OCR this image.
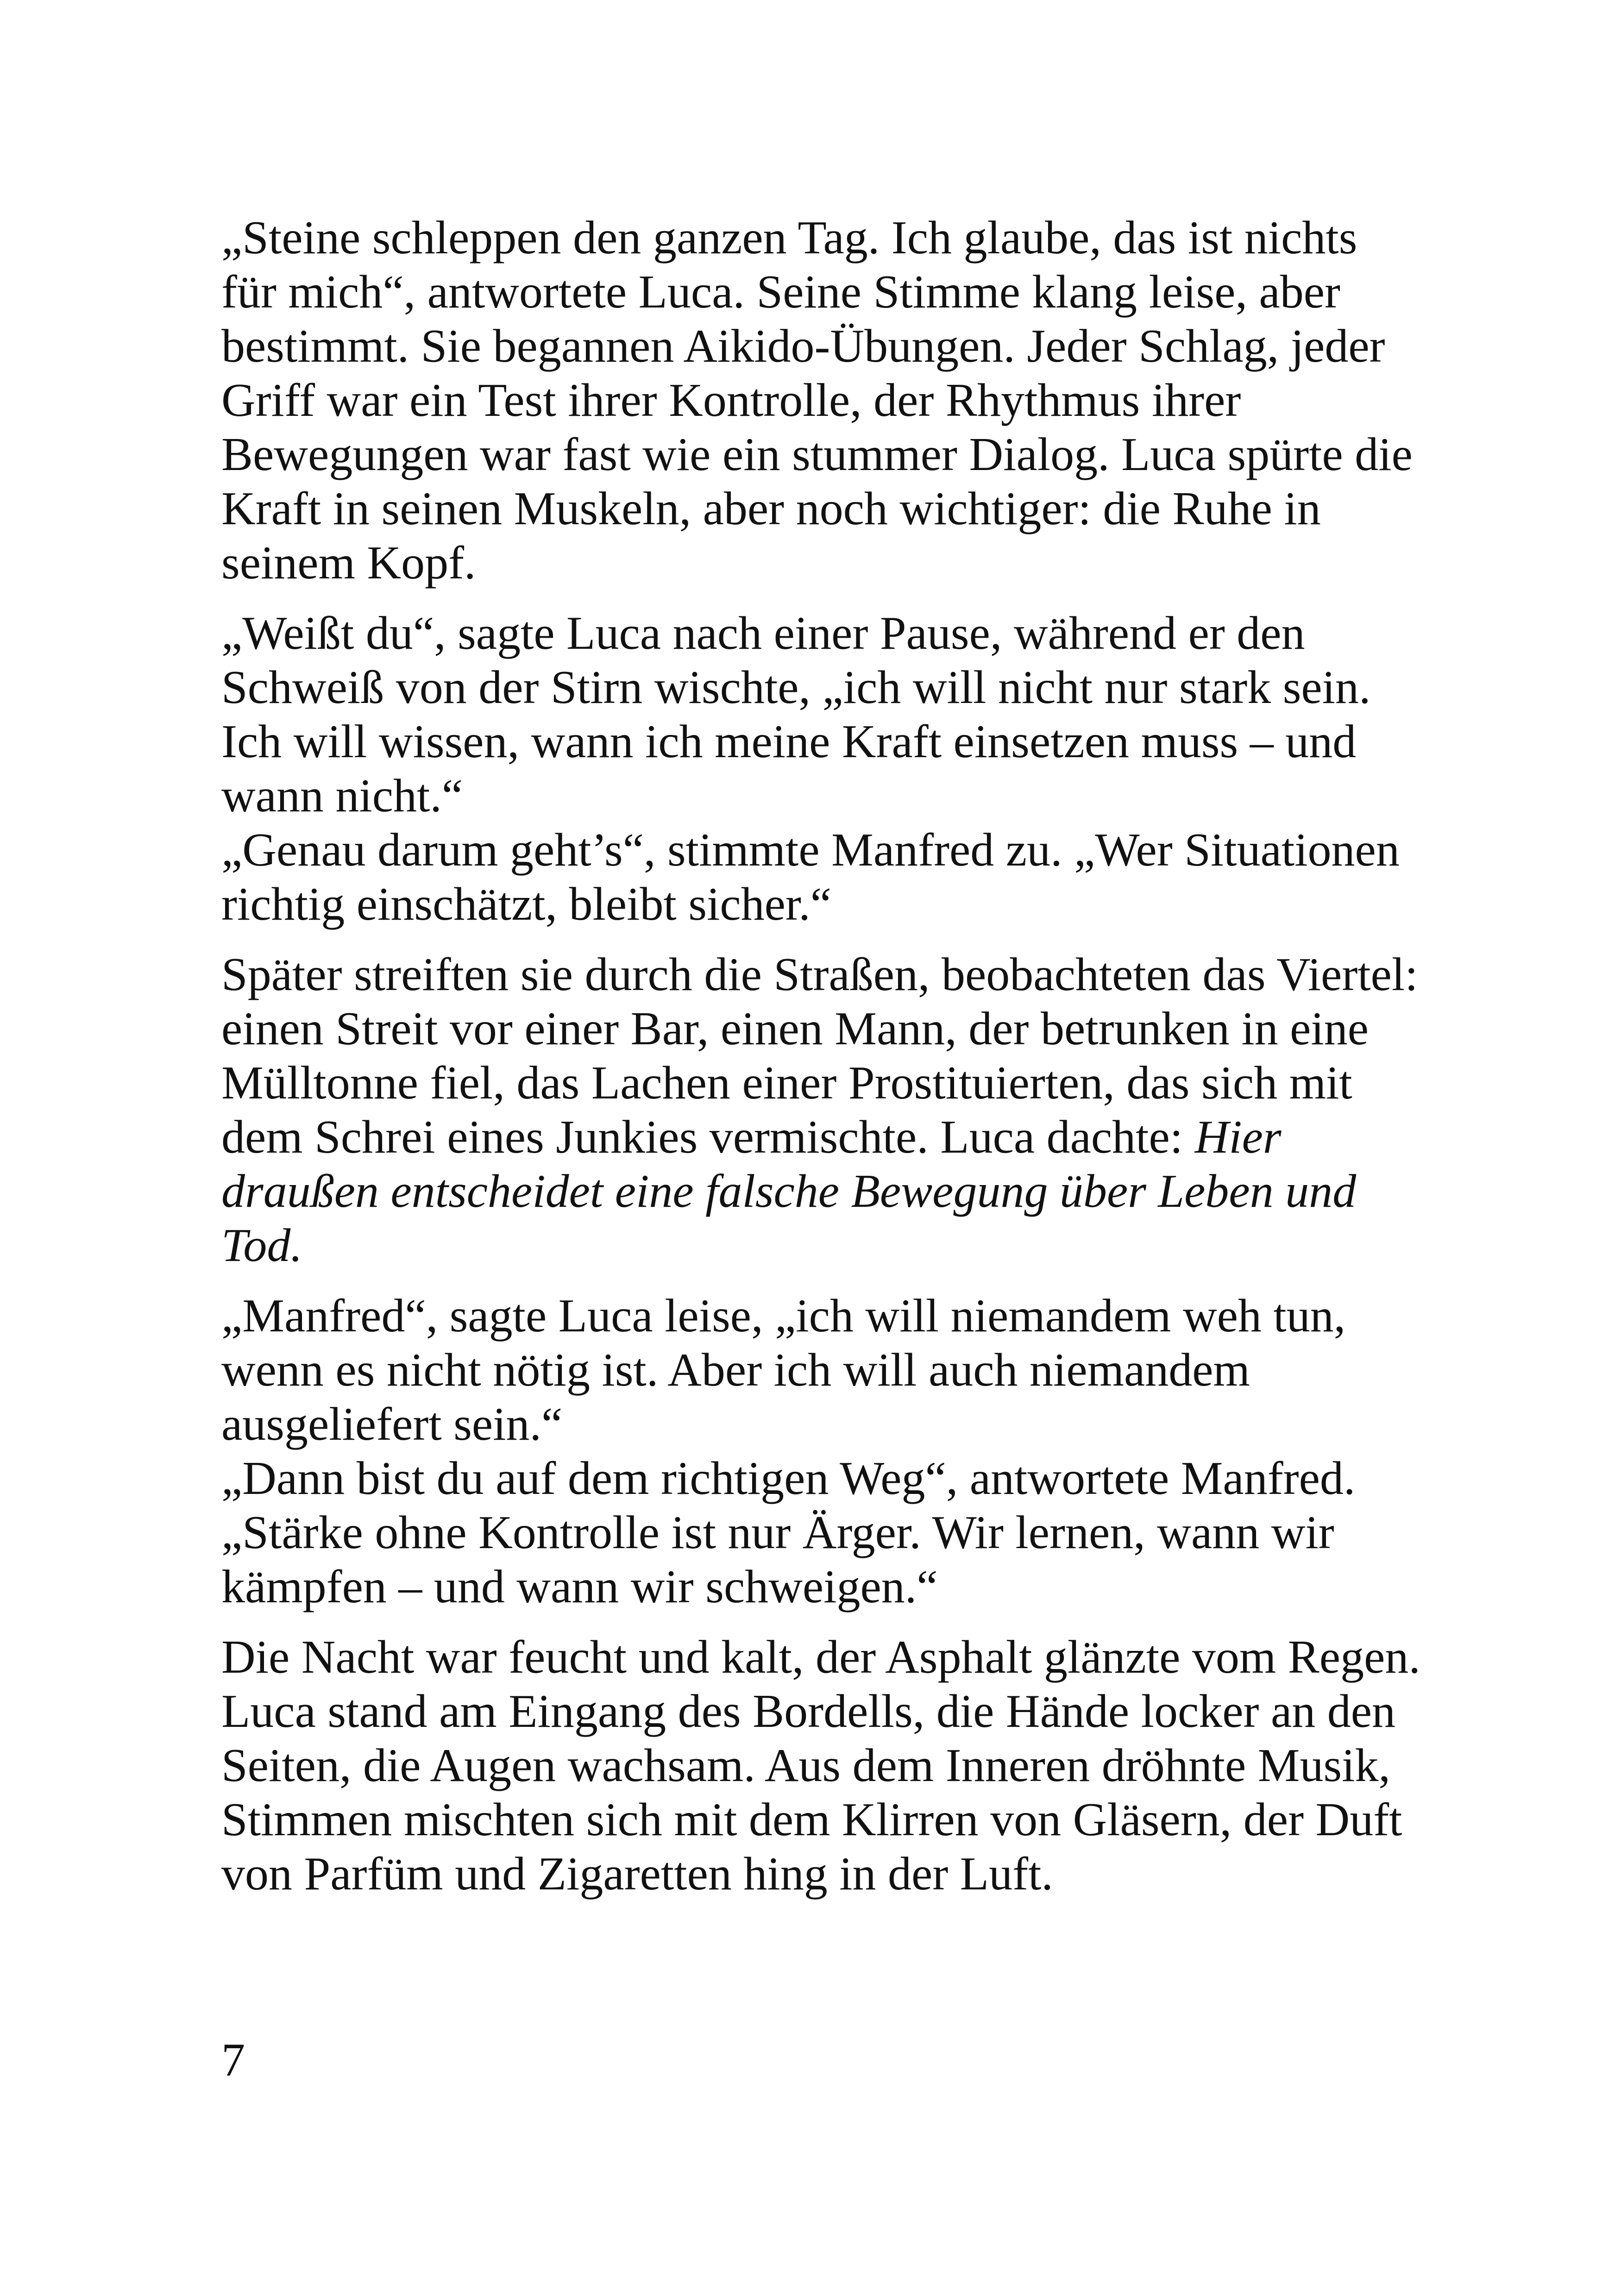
„Steine schleppen den ganzen Tag. Ich glaube, das ist nichts
für mich“, antwortete Luca. Seine Stimme klang leise, aber
bestimmt. Sie begannen Aikido-Übungen. Jeder Schlag, jeder
Griff war ein Test ihrer Kontrolle, der Rhythmus ihrer
Bewegungen war fast wie ein stummer Dialog. Luca spürte die
Kraft in seinen Muskeln, aber noch wichtiger: die Ruhe in
seinem Kopf.

„Weißt du“, sagte Luca nach einer Pause, während er den
Schweiß von der Stirn wischte, „ich will nicht nur stark sein.
Ich will wissen, wann ich meine Kraft einsetzen muss – und
wann nicht.“
„Genau darum geht’s“, stimmte Manfred zu. „Wer Situationen
richtig einschätzt, bleibt sicher.“

Später streiften sie durch die Straßen, beobachteten das Viertel:
einen Streit vor einer Bar, einen Mann, der betrunken in eine
Mülltonne fiel, das Lachen einer Prostituierten, das sich mit
dem Schrei eines Junkies vermischte. Luca dachte: Hier
draußen entscheidet eine falsche Bewegung über Leben und
Tod.

„Manfred“, sagte Luca leise, „ich will niemandem weh tun,
wenn es nicht nötig ist. Aber ich will auch niemandem
ausgeliefert sein.“
„Dann bist du auf dem richtigen Weg“, antwortete Manfred.
„Stärke ohne Kontrolle ist nur Ärger. Wir lernen, wann wir
kämpfen – und wann wir schweigen.“

Die Nacht war feucht und kalt, der Asphalt glänzte vom Regen.
Luca stand am Eingang des Bordells, die Hände locker an den
Seiten, die Augen wachsam. Aus dem Inneren dröhnte Musik,
Stimmen mischten sich mit dem Klirren von Gläsern, der Duft
von Parfüm und Zigaretten hing in der Luft.

7
